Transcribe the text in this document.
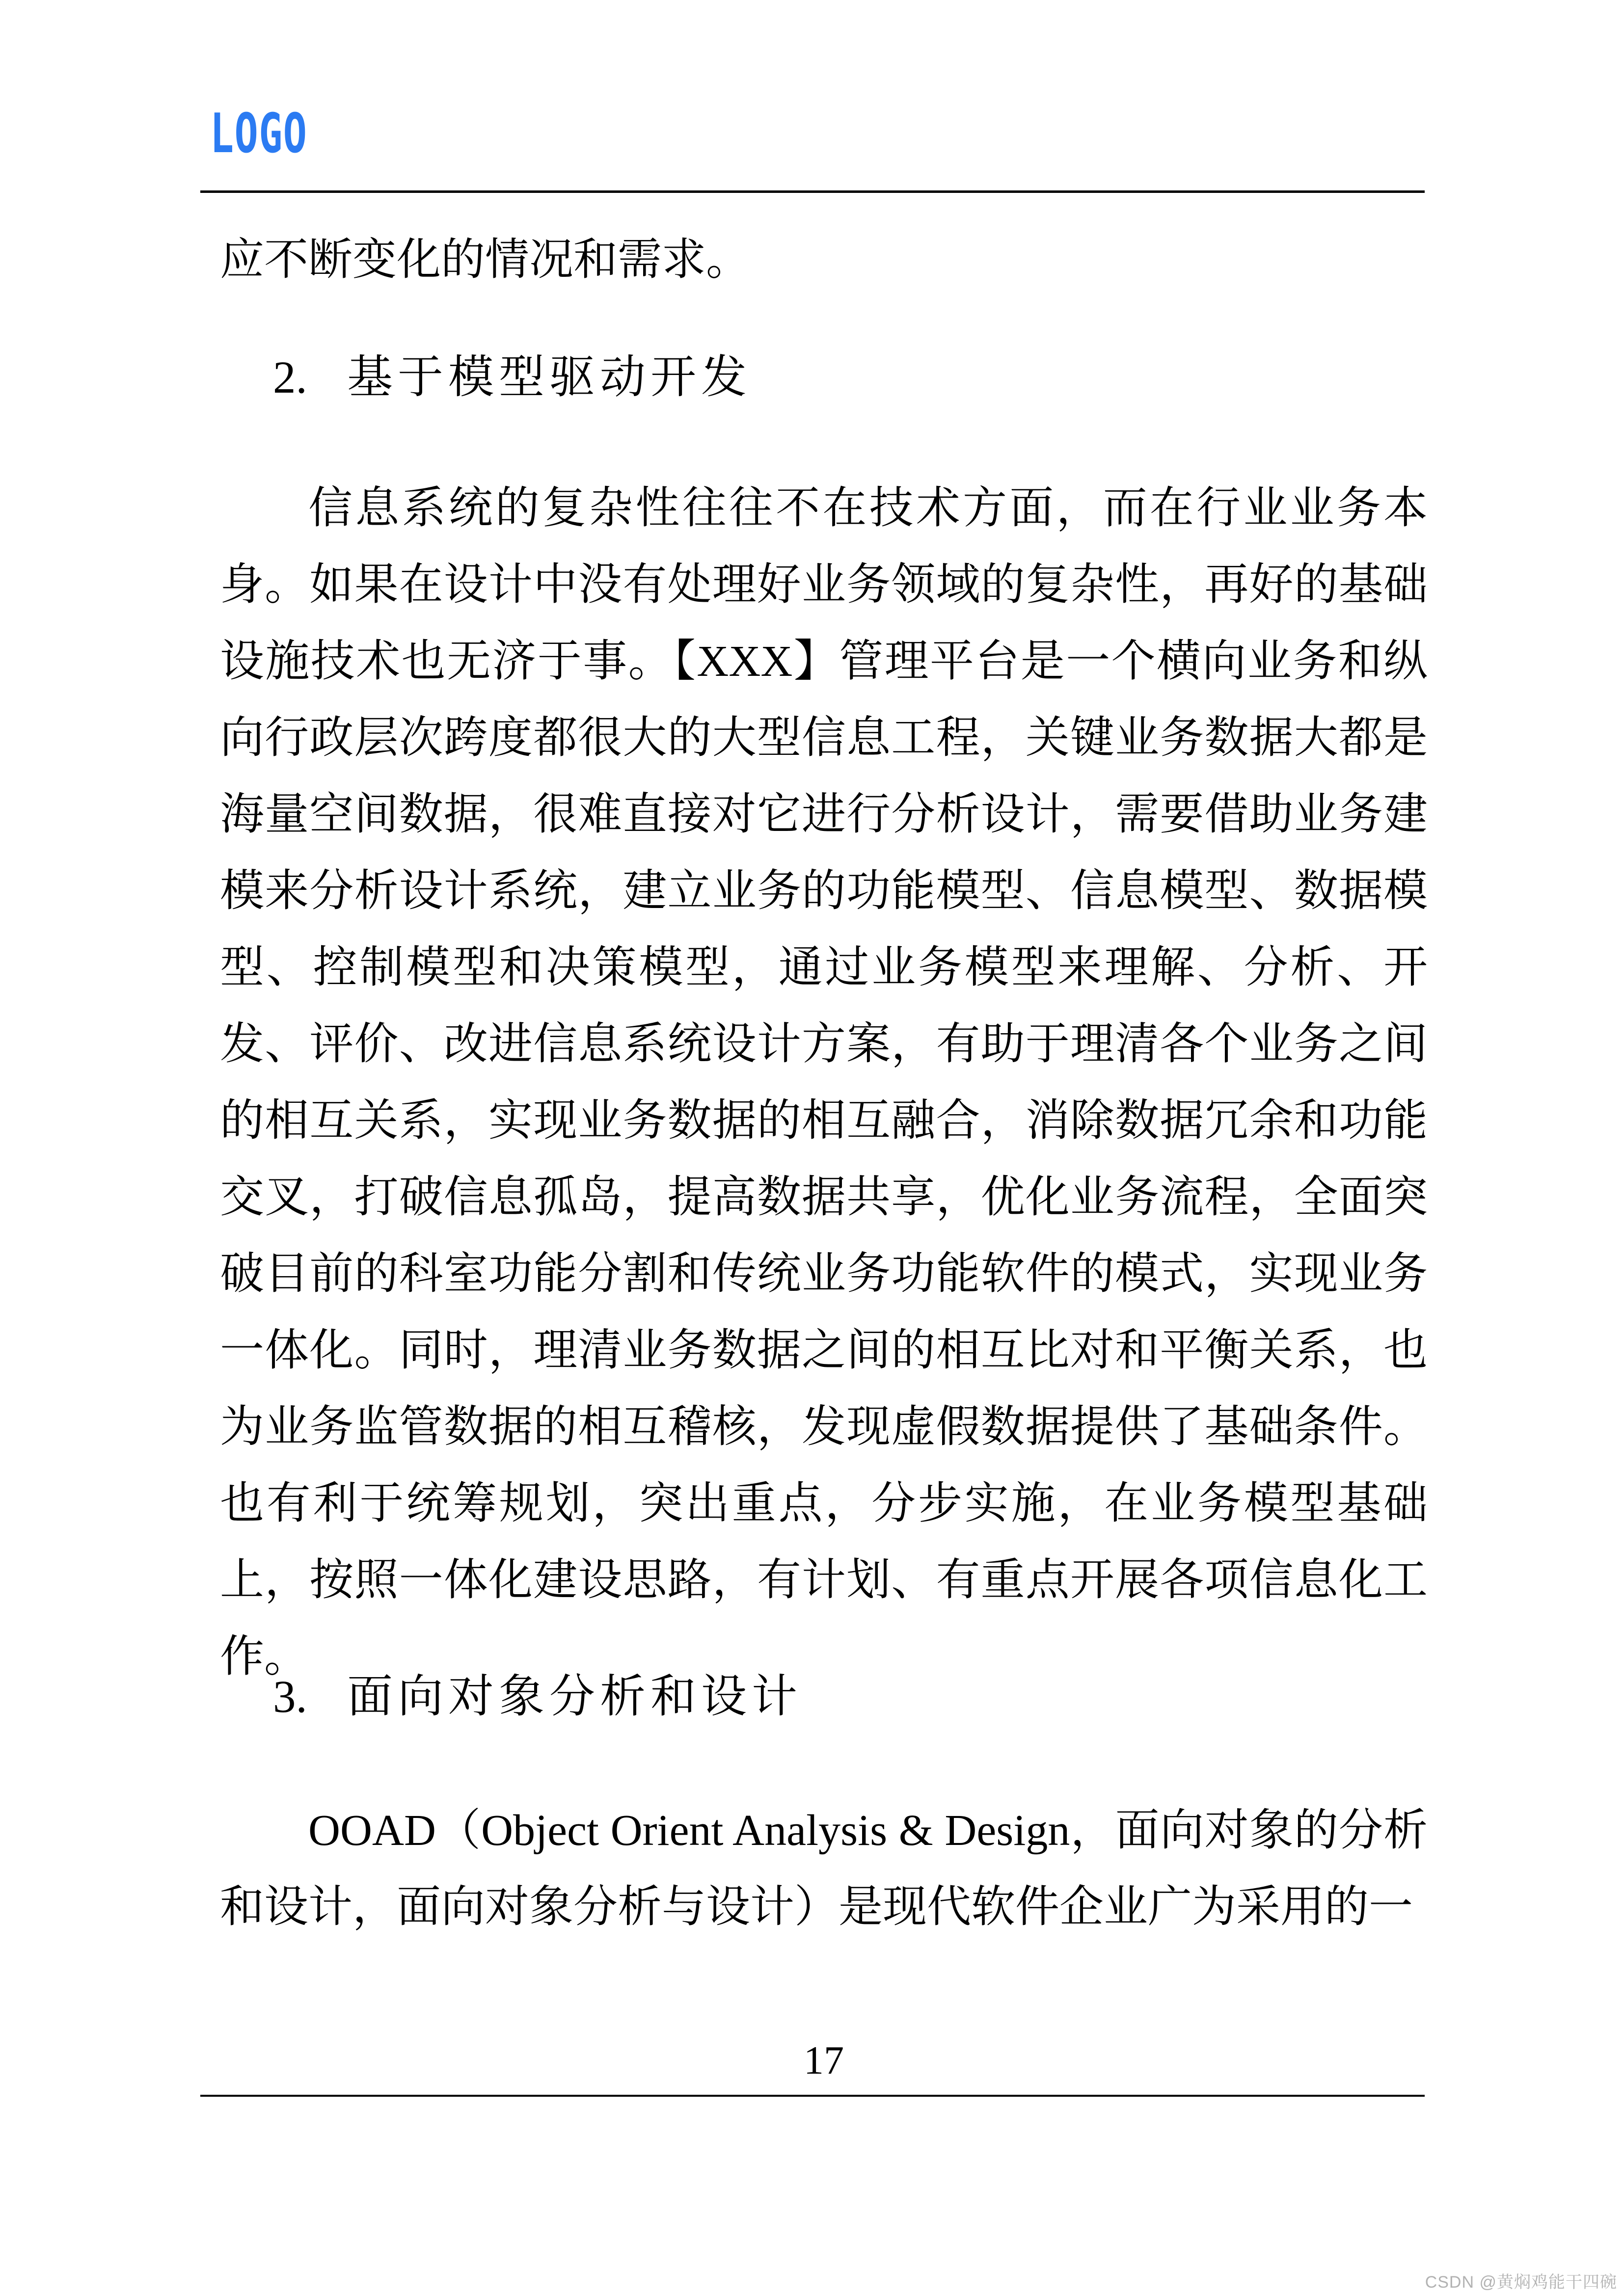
LOGO

应不断变化的情况和需求。

2. 基于模型驱动开发

信息系统的复杂性往往不在技术方面，而在行业业务本身。如果在设计中没有处理好业务领域的复杂性，再好的基础设施技术也无济于事。【XXX】管理平台是一个横向业务和纵向行政层次跨度都很大的大型信息工程，关键业务数据大都是海量空间数据，很难直接对它进行分析设计，需要借助业务建模来分析设计系统，建立业务的功能模型、信息模型、数据模型、控制模型和决策模型，通过业务模型来理解、分析、开发、评价、改进信息系统设计方案，有助于理清各个业务之间的相互关系，实现业务数据的相互融合，消除数据冗余和功能交叉，打破信息孤岛，提高数据共享，优化业务流程，全面突破目前的科室功能分割和传统业务功能软件的模式，实现业务一体化。同时，理清业务数据之间的相互比对和平衡关系，也为业务监管数据的相互稽核，发现虚假数据提供了基础条件。也有利于统筹规划，突出重点，分步实施，在业务模型基础上，按照一体化建设思路，有计划、有重点开展各项信息化工作。

3. 面向对象分析和设计

OOAD（Object Orient Analysis & Design，面向对象的分析和设计，面向对象分析与设计）是现代软件企业广为采用的一

17

CSDN @黄焖鸡能干四碗
